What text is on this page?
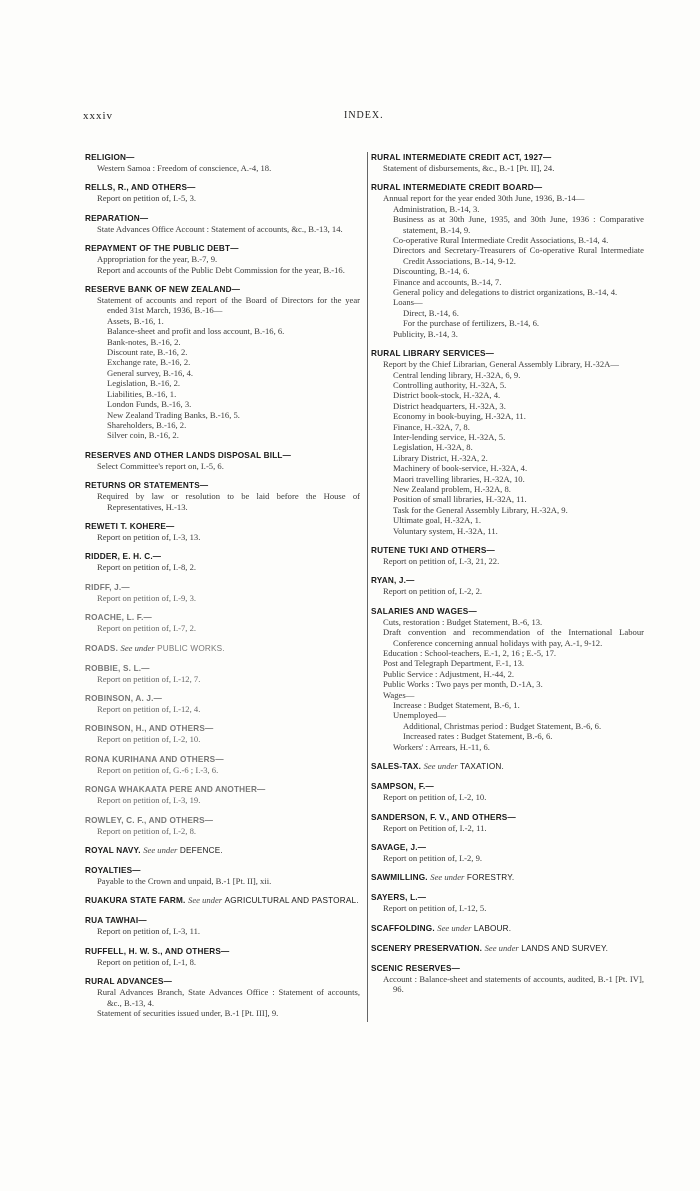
xxxiv	INDEX.
RELIGION—
Western Samoa : Freedom of conscience, A.-4, 18.
RELLS, R., AND OTHERS—
Report on petition of, I.-5, 3.
REPARATION—
State Advances Office Account : Statement of accounts, &c., B.-13, 14.
REPAYMENT OF THE PUBLIC DEBT—
Appropriation for the year, B.-7, 9.
Report and accounts of the Public Debt Commission for the year, B.-16.
RESERVE BANK OF NEW ZEALAND—
Statement of accounts and report of the Board of Directors for the year ended 31st March, 1936, B.-16—
Assets, B.-16, 1.
Balance-sheet and profit and loss account, B.-16, 6.
Bank-notes, B.-16, 2.
Discount rate, B.-16, 2.
Exchange rate, B.-16, 2.
General survey, B.-16, 4.
Legislation, B.-16, 2.
Liabilities, B.-16, 1.
London Funds, B.-16, 3.
New Zealand Trading Banks, B.-16, 5.
Shareholders, B.-16, 2.
Silver coin, B.-16, 2.
RESERVES AND OTHER LANDS DISPOSAL BILL—
Select Committee's report on, I.-5, 6.
RETURNS OR STATEMENTS—
Required by law or resolution to be laid before the House of Representatives, H.-13.
REWETI T. KOHERE—
Report on petition of, I.-3, 13.
RIDDER, E. H. C.—
Report on petition of, I.-8, 2.
RIDFF, J.—
Report on petition of, I.-9, 3.
ROACHE, L. F.—
Report on petition of, I.-7, 2.
ROADS. See under PUBLIC WORKS.
ROBBIE, S. L.—
Report on petition of, I.-12, 7.
ROBINSON, A. J.—
Report on petition of, I.-12, 4.
ROBINSON, H., AND OTHERS—
Report on petition of, I.-2, 10.
RONA KURIHANA AND OTHERS—
Report on petition of, G.-6 ; I.-3, 6.
RONGA WHAKAATA PERE AND ANOTHER—
Report on petition of, I.-3, 19.
ROWLEY, C. F., AND OTHERS—
Report on petition of, I.-2, 8.
ROYAL NAVY. See under DEFENCE.
ROYALTIES—
Payable to the Crown and unpaid, B.-1 [Pt. II], xii.
RUAKURA STATE FARM. See under AGRICULTURAL AND PASTORAL.
RUA TAWHAI—
Report on petition of, I.-3, 11.
RUFFELL, H. W. S., AND OTHERS—
Report on petition of, I.-1, 8.
RURAL ADVANCES—
Rural Advances Branch, State Advances Office : Statement of accounts, &c., B.-13, 4.
Statement of securities issued under, B.-1 [Pt. III], 9.
RURAL INTERMEDIATE CREDIT ACT, 1927—
Statement of disbursements, &c., B.-1 [Pt. II], 24.
RURAL INTERMEDIATE CREDIT BOARD—
Annual report for the year ended 30th June, 1936, B.-14—
Administration, B.-14, 3.
Business as at 30th June, 1935, and 30th June, 1936 : Comparative statement, B.-14, 9.
Co-operative Rural Intermediate Credit Associations, B.-14, 4.
Directors and Secretary-Treasurers of Co-operative Rural Intermediate Credit Associations, B.-14, 9-12.
Discounting, B.-14, 6.
Finance and accounts, B.-14, 7.
General policy and delegations to district organizations, B.-14, 4.
Loans—
Direct, B.-14, 6.
For the purchase of fertilizers, B.-14, 6.
Publicity, B.-14, 3.
RURAL LIBRARY SERVICES—
Report by the Chief Librarian, General Assembly Library, H.-32A—
Central lending library, H.-32A, 6, 9.
Controlling authority, H.-32A, 5.
District book-stock, H.-32A, 4.
District headquarters, H.-32A, 3.
Economy in book-buying, H.-32A, 11.
Finance, H.-32A, 7, 8.
Inter-lending service, H.-32A, 5.
Legislation, H.-32A, 8.
Library District, H.-32A, 2.
Machinery of book-service, H.-32A, 4.
Maori travelling libraries, H.-32A, 10.
New Zealand problem, H.-32A, 8.
Position of small libraries, H.-32A, 11.
Task for the General Assembly Library, H.-32A, 9.
Ultimate goal, H.-32A, 1.
Voluntary system, H.-32A, 11.
RUTENE TUKI AND OTHERS—
Report on petition of, I.-3, 21, 22.
RYAN, J.—
Report on petition of, I.-2, 2.
SALARIES AND WAGES—
Cuts, restoration : Budget Statement, B.-6, 13.
Draft convention and recommendation of the International Labour Conference concerning annual holidays with pay, A.-1, 9-12.
Education : School-teachers, E.-1, 2, 16 ; E.-5, 17.
Post and Telegraph Department, F.-1, 13.
Public Service : Adjustment, H.-44, 2.
Public Works : Two pays per month, D.-1A, 3.
Wages—
Increase : Budget Statement, B.-6, 1.
Unemployed—
Additional, Christmas period : Budget Statement, B.-6, 6.
Increased rates : Budget Statement, B.-6, 6.
Workers' : Arrears, H.-11, 6.
SALES-TAX. See under TAXATION.
SAMPSON, F.—
Report on petition of, I.-2, 10.
SANDERSON, F. V., AND OTHERS—
Report on Petition of, I.-2, 11.
SAVAGE, J.—
Report on petition of, I.-2, 9.
SAWMILLING. See under FORESTRY.
SAYERS, L.—
Report on petition of, I.-12, 5.
SCAFFOLDING. See under LABOUR.
SCENERY PRESERVATION. See under LANDS AND SURVEY.
SCENIC RESERVES—
Account : Balance-sheet and statements of accounts, audited, B.-1 [Pt. IV], 96.
